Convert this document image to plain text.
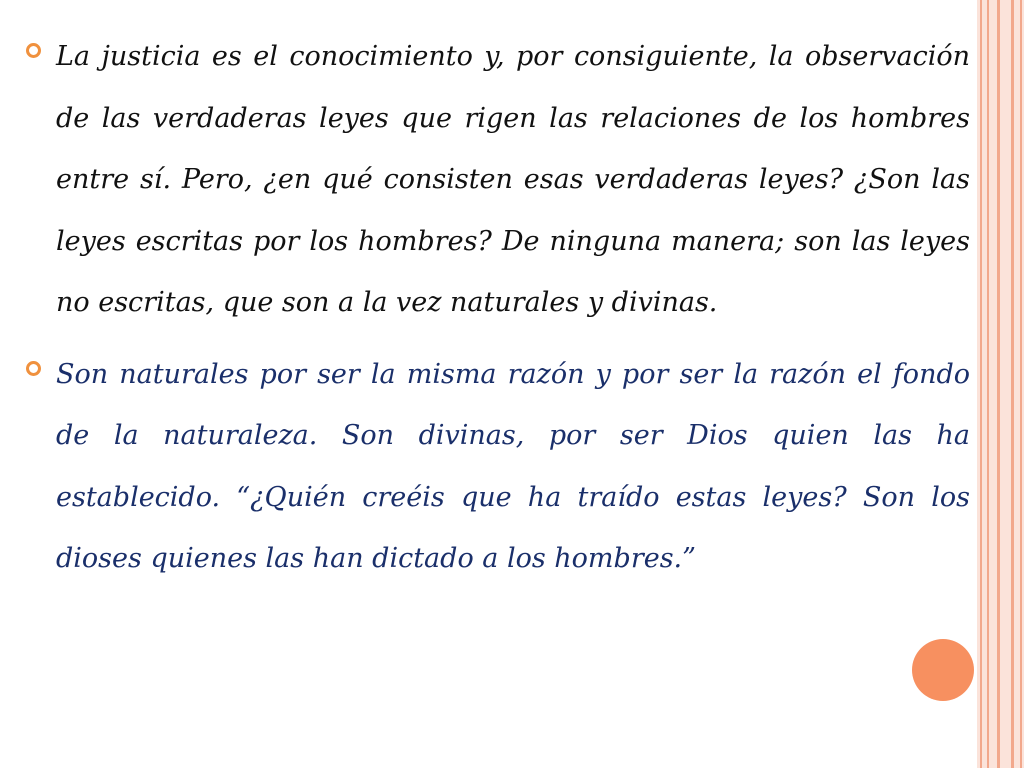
La justicia es el conocimiento y, por consiguiente, la observación de las verdaderas leyes que rigen las relaciones de los hombres entre sí. Pero, ¿en qué consisten esas verdaderas leyes? ¿Son las leyes escritas por los hombres? De ninguna manera; son las leyes no escritas, que son a la vez naturales y divinas.
Son naturales por ser la misma razón y por ser la razón el fondo de la naturaleza. Son divinas, por ser Dios quien las ha establecido. “¿Quién creéis que ha traído estas leyes? Son los dioses quienes las han dictado a los hombres.”
